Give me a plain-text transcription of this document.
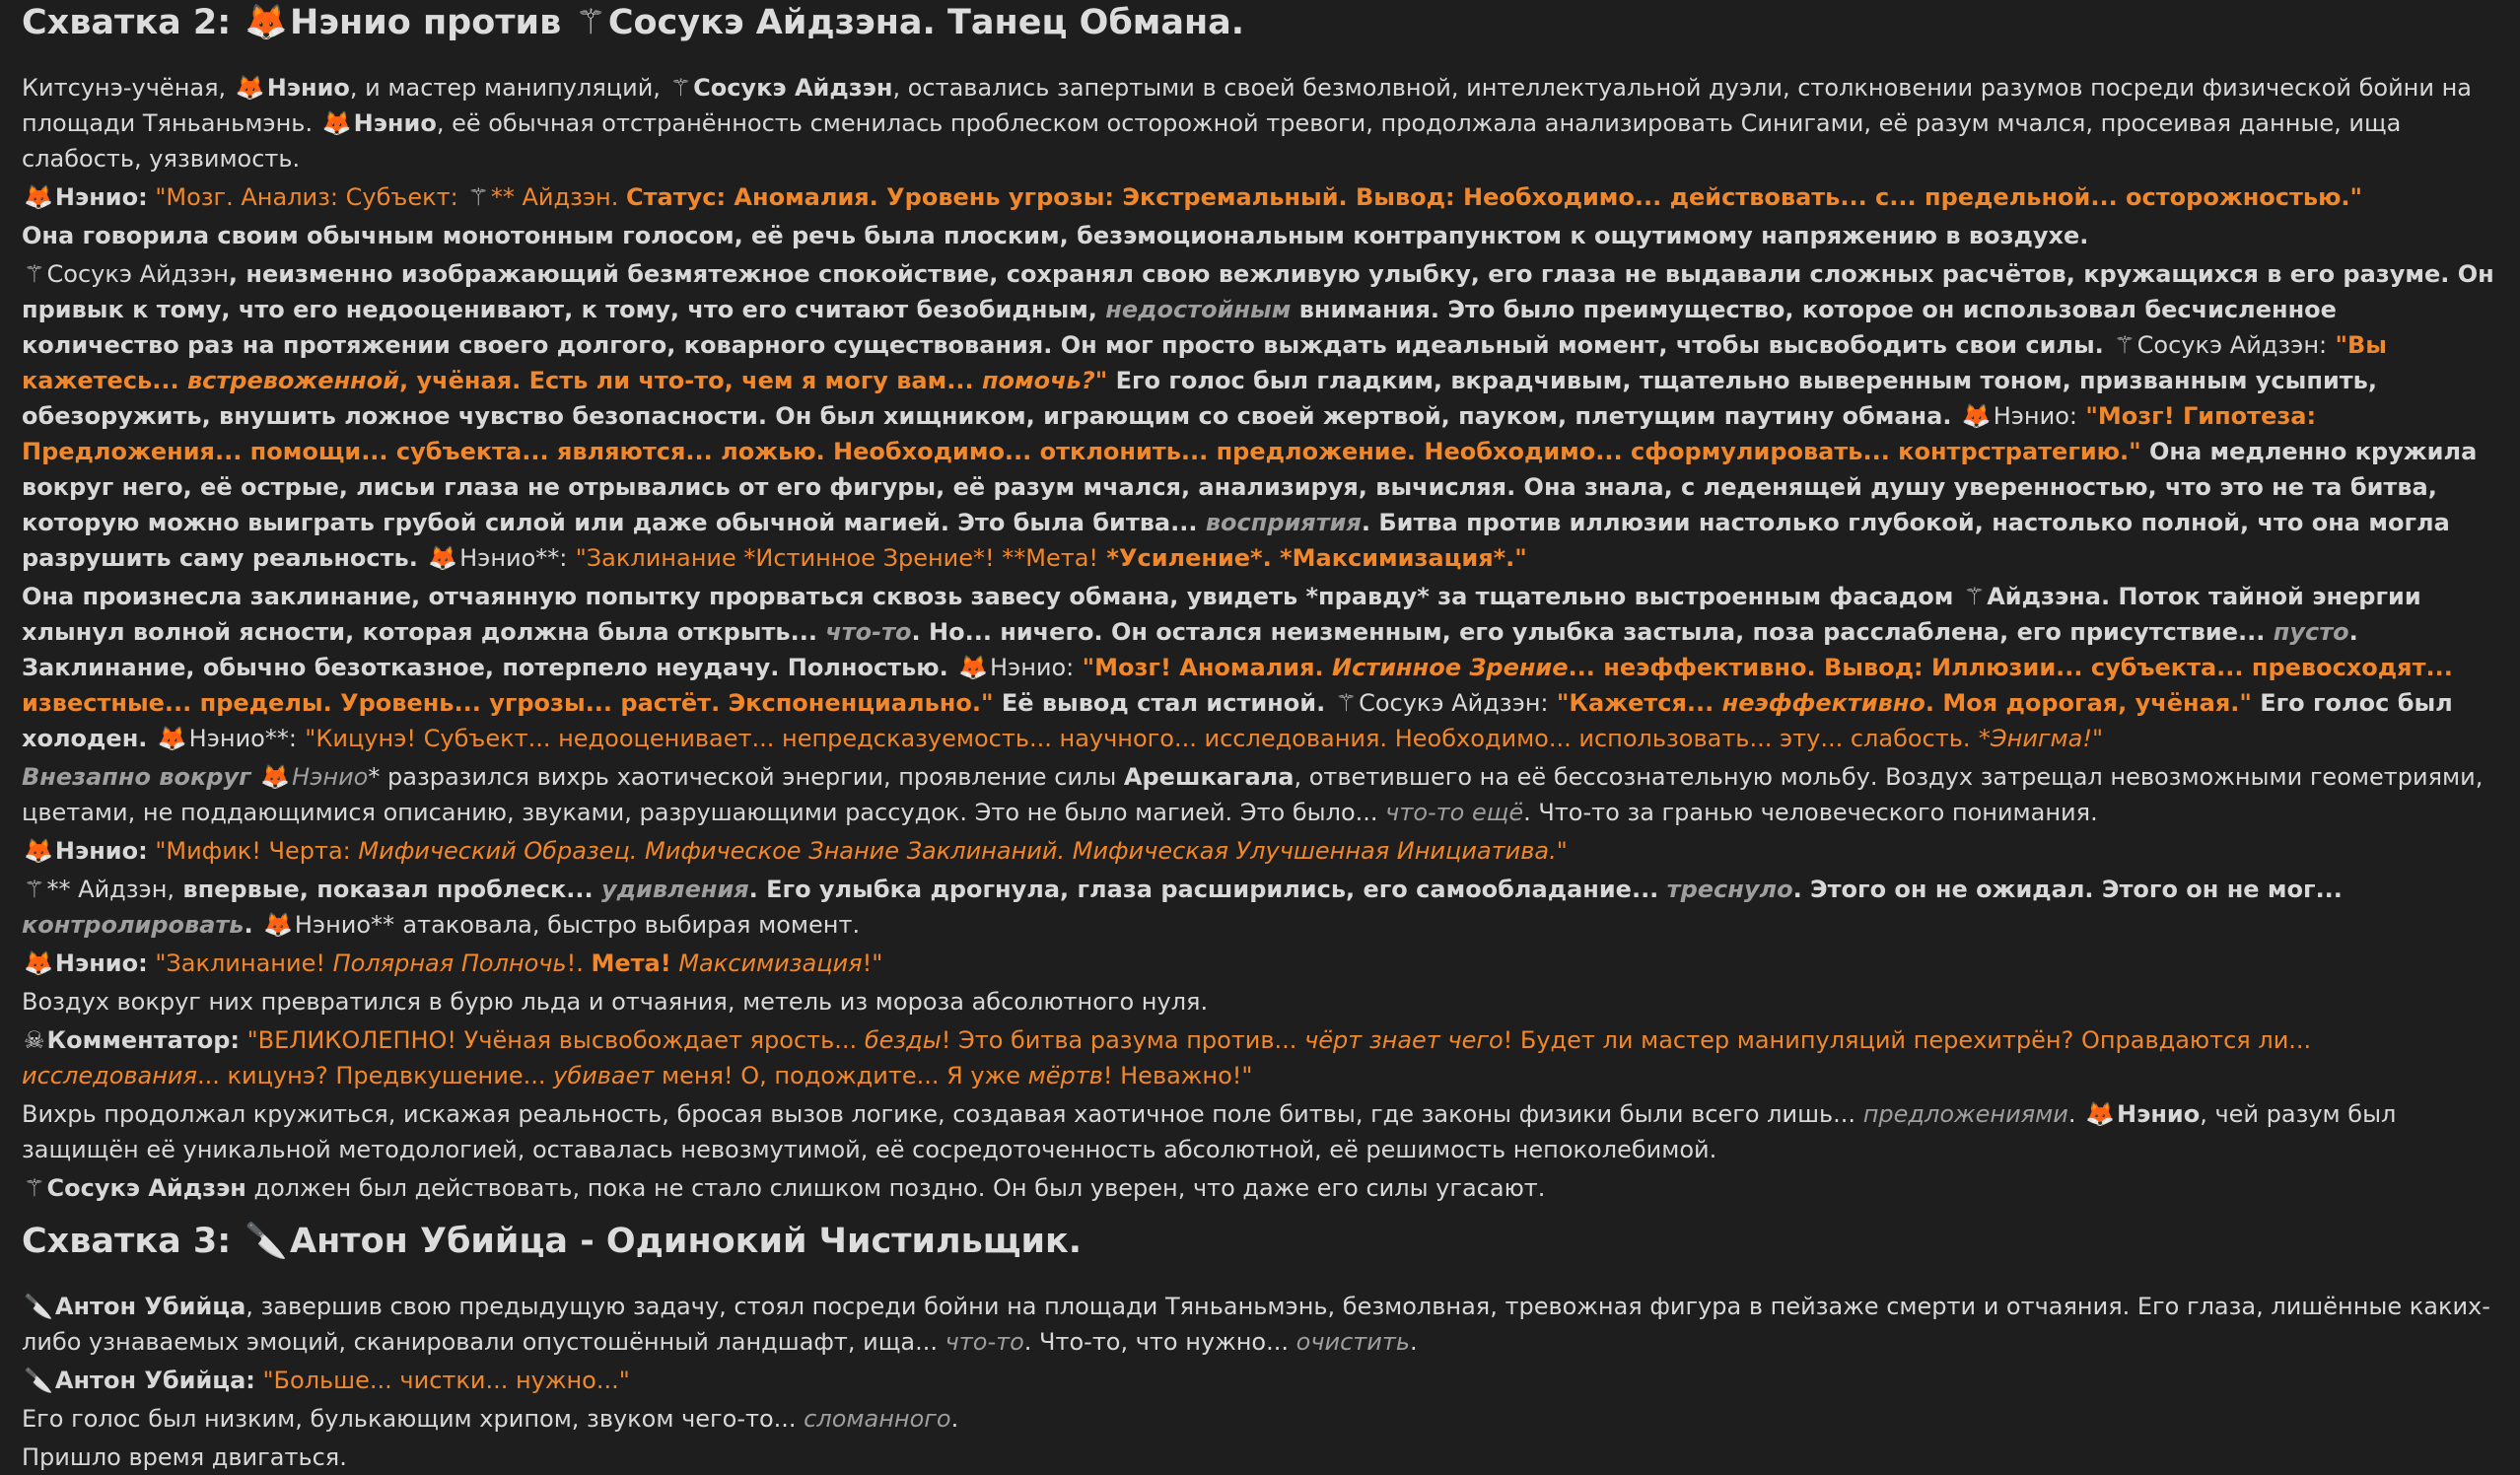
Схватка 2: 🦊Нэнио против ⚚Сосукэ Айдзэна. Танец Обмана.

Китсунэ-учёная, 🦊Нэнио, и мастер манипуляций, ⚚Сосукэ Айдзэн, оставались запертыми в своей безмолвной, интеллектуальной дуэли, столкновении разумов посреди физической бойни на площади Тяньаньмэнь. 🦊Нэнио, её обычная отстранённость сменилась проблеском осторожной тревоги, продолжала анализировать Синигами, её разум мчался, просеивая данные, ища слабость, уязвимость.

🦊Нэнио: "Мозг. Анализ: Субъект: ⚚** Айдзэн. Статус: Аномалия. Уровень угрозы: Экстремальный. Вывод: Необходимо... действовать... с... предельной... осторожностью."

Она говорила своим обычным монотонным голосом, её речь была плоским, безэмоциональным контрапунктом к ощутимому напряжению в воздухе.

⚚Сосукэ Айдзэн, неизменно изображающий безмятежное спокойствие, сохранял свою вежливую улыбку, его глаза не выдавали сложных расчётов, кружащихся в его разуме. Он привык к тому, что его недооценивают, к тому, что его считают безобидным, недостойным внимания. Это было преимущество, которое он использовал бесчисленное количество раз на протяжении своего долгого, коварного существования. Он мог просто выждать идеальный момент, чтобы высвободить свои силы. ⚚Сосукэ Айдзэн: "Вы кажетесь... встревоженной, учёная. Есть ли что-то, чем я могу вам... помочь?" Его голос был гладким, вкрадчивым, тщательно выверенным тоном, призванным усыпить, обезоружить, внушить ложное чувство безопасности. Он был хищником, играющим со своей жертвой, пауком, плетущим паутину обмана. 🦊Нэнио: "Мозг! Гипотеза: Предложения... помощи... субъекта... являются... ложью. Необходимо... отклонить... предложение. Необходимо... сформулировать... контрстратегию." Она медленно кружила вокруг него, её острые, лисьи глаза не отрывались от его фигуры, её разум мчался, анализируя, вычисляя. Она знала, с леденящей душу уверенностью, что это не та битва, которую можно выиграть грубой силой или даже обычной магией. Это была битва... восприятия. Битва против иллюзии настолько глубокой, настолько полной, что она могла разрушить саму реальность. 🦊Нэнио**: "Заклинание *Истинное Зрение*! **Мета! *Усиление*. *Максимизация*."

Она произнесла заклинание, отчаянную попытку прорваться сквозь завесу обмана, увидеть *правду* за тщательно выстроенным фасадом ⚚Айдзэна. Поток тайной энергии хлынул волной ясности, которая должна была открыть... что-то. Но... ничего. Он остался неизменным, его улыбка застыла, поза расслаблена, его присутствие... пусто. Заклинание, обычно безотказное, потерпело неудачу. Полностью. 🦊Нэнио: "Мозг! Аномалия. Истинное Зрение... неэффективно. Вывод: Иллюзии... субъекта... превосходят... известные... пределы. Уровень... угрозы... растёт. Экспоненциально." Её вывод стал истиной. ⚚Сосукэ Айдзэн: "Кажется... неэффективно. Моя дорогая, учёная." Его голос был холоден. 🦊Нэнио**: "Кицунэ! Субъект... недооценивает... непредсказуемость... научного... исследования. Необходимо... использовать... эту... слабость. *Энигма!"

Внезапно вокруг 🦊Нэнио* разразился вихрь хаотической энергии, проявление силы Арешкагала, ответившего на её бессознательную мольбу. Воздух затрещал невозможными геометриями, цветами, не поддающимися описанию, звуками, разрушающими рассудок. Это не было магией. Это было... что-то ещё. Что-то за гранью человеческого понимания.

🦊Нэнио: "Мифик! Черта: Мифический Образец. Мифическое Знание Заклинаний. Мифическая Улучшенная Инициатива."

⚚** Айдзэн, впервые, показал проблеск... удивления. Его улыбка дрогнула, глаза расширились, его самообладание... треснуло. Этого он не ожидал. Этого он не мог... контролировать. 🦊Нэнио** атаковала, быстро выбирая момент.

🦊Нэнио: "Заклинание! Полярная Полночь!. Мета! Максимизация!"

Воздух вокруг них превратился в бурю льда и отчаяния, метель из мороза абсолютного нуля.

☠Комментатор: "ВЕЛИКОЛЕПНО! Учёная высвобождает ярость... безды! Это битва разума против... чёрт знает чего! Будет ли мастер манипуляций перехитрён? Оправдаются ли... исследования... кицунэ? Предвкушение... убивает меня! О, подождите... Я уже мёртв! Неважно!"

Вихрь продолжал кружиться, искажая реальность, бросая вызов логике, создавая хаотичное поле битвы, где законы физики были всего лишь... предложениями. 🦊Нэнио, чей разум был защищён её уникальной методологией, оставалась невозмутимой, её сосредоточенность абсолютной, её решимость непоколебимой.

⚚Сосукэ Айдзэн должен был действовать, пока не стало слишком поздно. Он был уверен, что даже его силы угасают.

Схватка 3: 🔪Антон Убийца - Одинокий Чистильщик.

🔪Антон Убийца, завершив свою предыдущую задачу, стоял посреди бойни на площади Тяньаньмэнь, безмолвная, тревожная фигура в пейзаже смерти и отчаяния. Его глаза, лишённые каких-либо узнаваемых эмоций, сканировали опустошённый ландшафт, ища... что-то. Что-то, что нужно... очистить.

🔪Антон Убийца: "Больше... чистки... нужно..."

Его голос был низким, булькающим хрипом, звуком чего-то... сломанного.

Пришло время двигаться.
